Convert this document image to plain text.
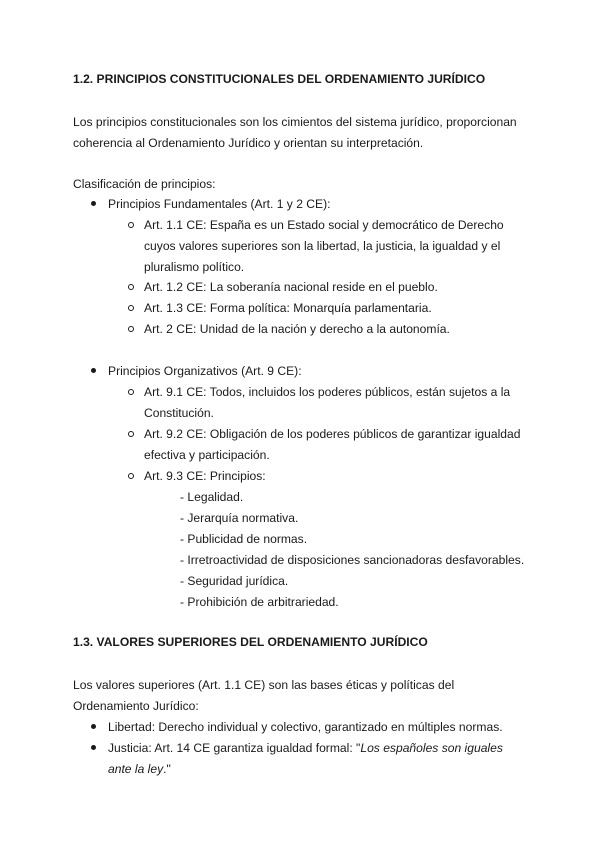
1.2. PRINCIPIOS CONSTITUCIONALES DEL ORDENAMIENTO JURÍDICO
Los principios constitucionales son los cimientos del sistema jurídico, proporcionan
coherencia al Ordenamiento Jurídico y orientan su interpretación.
Clasificación de principios:
Principios Fundamentales (Art. 1 y 2 CE):
Art. 1.1 CE: España es un Estado social y democrático de Derecho
cuyos valores superiores son la libertad, la justicia, la igualdad y el
pluralismo político.
Art. 1.2 CE: La soberanía nacional reside en el pueblo.
Art. 1.3 CE: Forma política: Monarquía parlamentaria.
Art. 2 CE: Unidad de la nación y derecho a la autonomía.
Principios Organizativos (Art. 9 CE):
Art. 9.1 CE: Todos, incluidos los poderes públicos, están sujetos a la
Constitución.
Art. 9.2 CE: Obligación de los poderes públicos de garantizar igualdad
efectiva y participación.
Art. 9.3 CE: Principios:
- Legalidad.
- Jerarquía normativa.
- Publicidad de normas.
- Irretroactividad de disposiciones sancionadoras desfavorables.
- Seguridad jurídica.
- Prohibición de arbitrariedad.
1.3. VALORES SUPERIORES DEL ORDENAMIENTO JURÍDICO
Los valores superiores (Art. 1.1 CE) son las bases éticas y políticas del
Ordenamiento Jurídico:
Libertad: Derecho individual y colectivo, garantizado en múltiples normas.
Justicia: Art. 14 CE garantiza igualdad formal: "Los españoles son iguales
ante la ley."
